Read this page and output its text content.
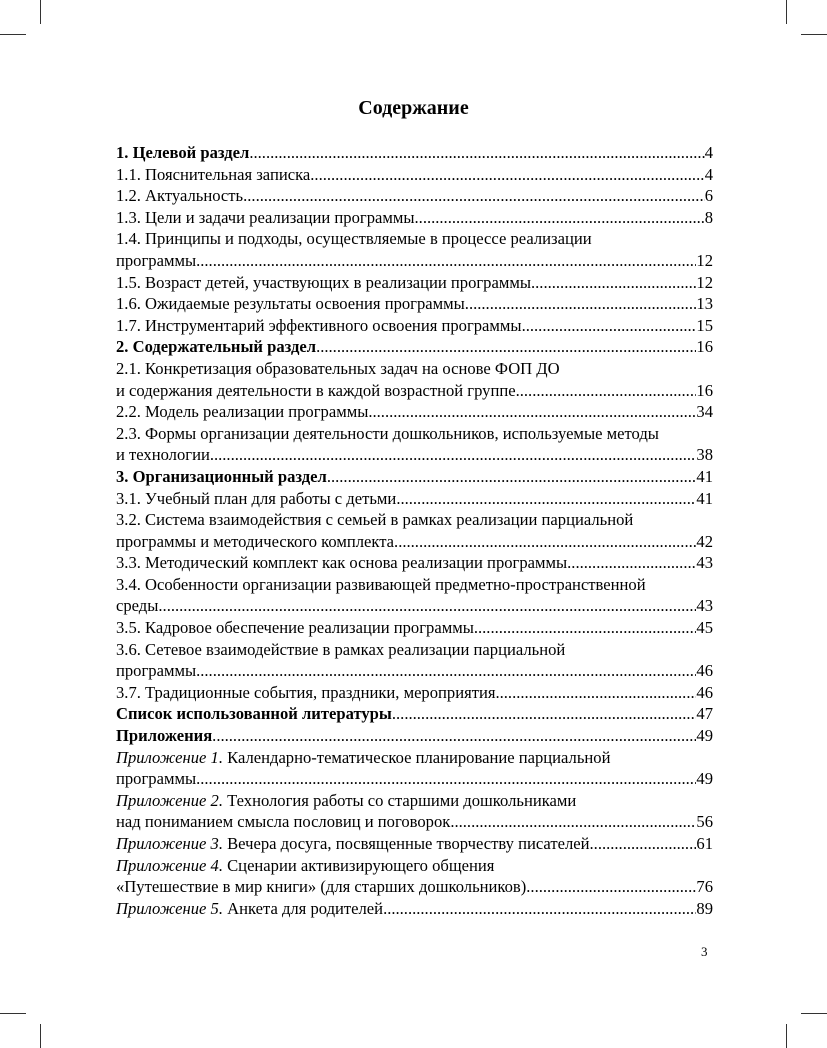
Содержание
1. Целевой раздел .....	4
1.1. Пояснительная записка .....	4
1.2. Актуальность .....	6
1.3. Цели и задачи реализации программы .....	8
1.4. Принципы и подходы, осуществляемые в процессе реализации
программы .....	12
1.5. Возраст детей, участвующих в реализации программы .....	12
1.6. Ожидаемые результаты освоения программы .....	13
1.7. Инструментарий эффективного освоения программы .....	15
2. Содержательный раздел .....	16
2.1. Конкретизация образовательных задач на основе ФОП ДО
и содержания деятельности в каждой возрастной группе .....	16
2.2. Модель реализации программы .....	34
2.3. Формы организации деятельности дошкольников, используемые методы
и технологии .....	38
3. Организационный раздел .....	41
3.1. Учебный план для работы с детьми .....	41
3.2. Система взаимодействия с семьей в рамках реализации парциальной
программы и методического комплекта .....	42
3.3. Методический комплект как основа реализации программы .....	43
3.4. Особенности организации развивающей предметно-пространственной
среды .....	43
3.5. Кадровое обеспечение реализации программы .....	45
3.6. Сетевое взаимодействие в рамках реализации парциальной
программы .....	46
3.7. Традиционные события, праздники, мероприятия .....	46
Список использованной литературы .....	47
Приложения .....	49
Приложение 1. Календарно-тематическое планирование парциальной
программы .....	49
Приложение 2. Технология работы со старшими дошкольниками
над пониманием смысла пословиц и поговорок .....	56
Приложение 3. Вечера досуга, посвященные творчеству писателей .....	61
Приложение 4. Сценарии активизирующего общения
«Путешествие в мир книги» (для старших дошкольников) .....	76
Приложение 5. Анкета для родителей .....	89
3
